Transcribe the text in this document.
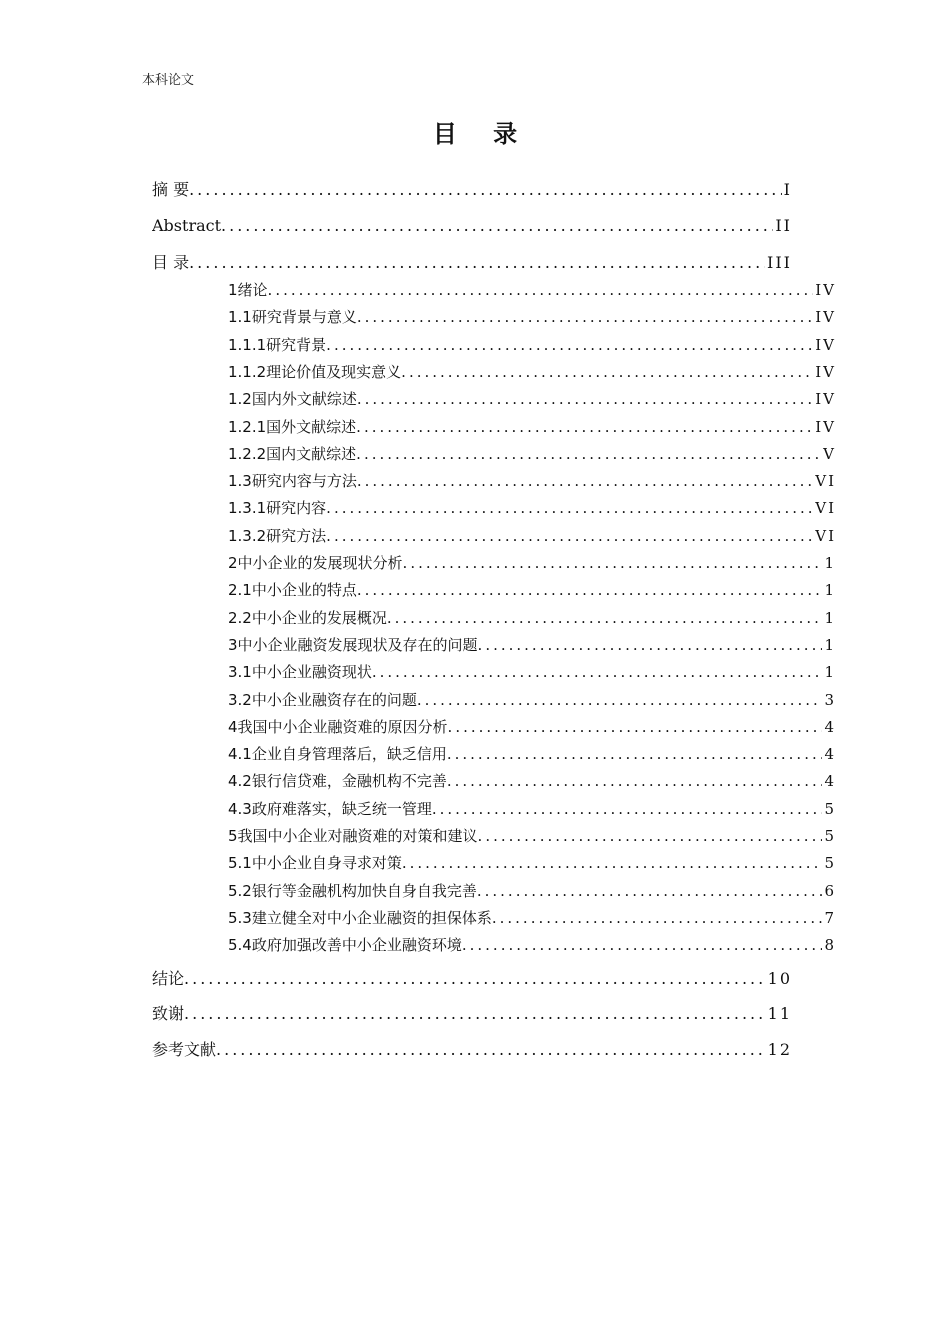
本科论文
目 录
摘 要 .....	I
Abstract .....	II
目 录 .....	III
1绪论 .....	IV
1.1研究背景与意义 .....	IV
1.1.1研究背景 .....	IV
1.1.2理论价值及现实意义 .....	IV
1.2国内外文献综述 .....	IV
1.2.1国外文献综述 .....	IV
1.2.2国内文献综述 .....	V
1.3研究内容与方法 .....	VI
1.3.1研究内容 .....	VI
1.3.2研究方法 .....	VI
2中小企业的发展现状分析 .....	1
2.1中小企业的特点 .....	1
2.2中小企业的发展概况 .....	1
3中小企业融资发展现状及存在的问题 .....	1
3.1中小企业融资现状 .....	1
3.2中小企业融资存在的问题 .....	3
4我国中小企业融资难的原因分析 .....	4
4.1企业自身管理落后，缺乏信用 .....	4
4.2银行信贷难，金融机构不完善 .....	4
4.3政府难落实，缺乏统一管理 .....	5
5我国中小企业对融资难的对策和建议 .....	5
5.1中小企业自身寻求对策 .....	5
5.2银行等金融机构加快自身自我完善 .....	6
5.3建立健全对中小企业融资的担保体系 .....	7
5.4政府加强改善中小企业融资环境 .....	8
结论 .....	10
致谢 .....	11
参考文献 .....	12
